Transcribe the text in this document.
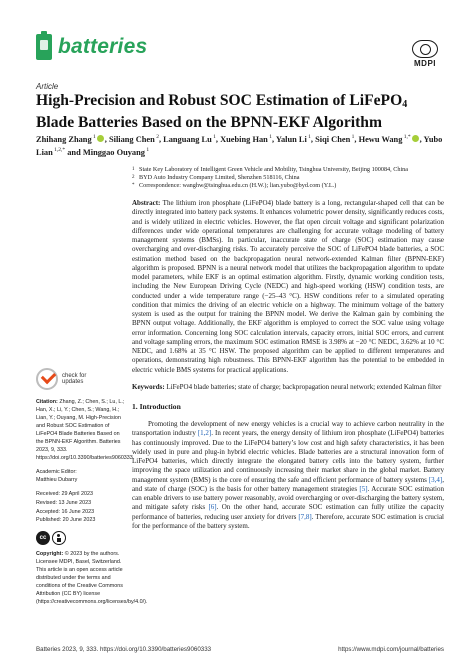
batteries
MDPI
Article
High-Precision and Robust SOC Estimation of LiFePO$_4$ Blade Batteries Based on the BPNN-EKF Algorithm
Zhihang Zhang $^1$ , Siliang Chen $^2$, Languang Lu $^1$, Xuebing Han $^1$, Yalun Li $^1$, Siqi Chen $^1$, Hewu Wang $^{1,*}$ , Yubo Lian $^{1,2,*}$ and Minggao Ouyang $^1$
1 State Key Laboratory of Intelligent Green Vehicle and Mobility, Tsinghua University, Beijing 100084, China
2 BYD Auto Industry Company Limited, Shenzhen 518116, China
* Correspondence: wanghw@tsinghua.edu.cn (H.W.); lian.yubo@byd.com (Y.L.)

Abstract: The lithium iron phosphate (LiFePO4) blade battery is a long, rectangular-shaped cell that can be directly integrated into battery pack systems. It enhances volumetric power density, significantly reduces costs, and is widely utilized in electric vehicles. However, the flat open circuit voltage and significant polarization differences under wide operational temperatures are challenging for accurate voltage modeling of battery management systems (BMSs). In particular, inaccurate state of charge (SOC) estimation may cause overcharging and over-discharging risks. To accurately perceive the SOC of LiFePO4 blade batteries, a SOC estimation method based on the backpropagation neural network-extended Kalman filter (BPNN-EKF) algorithm is proposed. BPNN is a neural network model that utilizes the backpropagation algorithm to update model parameters, while EKF is an optimal estimation algorithm. Firstly, dynamic working condition tests, including the New European Driving Cycle (NEDC) and high-speed working (HSW) condition tests, are conducted under a wide temperature range (−25–43 °C). HSW conditions refer to a simulated operating condition that mimics the driving of an electric vehicle on a highway. The minimum voltage of the battery system is used as the output for training the BPNN model. We derive the Kalman gain by combining the BPNN output voltage. Additionally, the EKF algorithm is employed to correct the SOC value using voltage error information. Concerning long SOC calculation intervals, capacity errors, initial SOC errors, and current and voltage sampling errors, the maximum SOC estimation RMSE is 3.98% at −20 °C NEDC, 3.62% at 10 °C NEDC, and 1.68% at 35 °C HSW. The proposed algorithm can be applied to different temperatures and operations, demonstrating high robustness. This BPNN-EKF algorithm has the potential to be embedded in electric vehicle BMS systems for practical applications.

Keywords: LiFePO4 blade batteries; state of charge; backpropagation neural network; extended Kalman filter

1. Introduction

Promoting the development of new energy vehicles is a crucial way to achieve carbon neutrality in the transportation industry [1,2]. In recent years, the energy density of lithium iron phosphate (LiFePO4) batteries has continuously improved. Due to the LiFePO4 battery’s low cost and high safety characteristics, it has been widely used in pure and plug-in hybrid electric vehicles. Blade batteries are a structural innovation form of LiFePO4 batteries, which directly integrate the elongated battery cells into the battery system, further improving the space utilization and continuously increasing their market share in the global market. Battery management system (BMS) is the core of ensuring the safe and efficient performance of battery systems [3,4], and state of charge (SOC) is the basis for other battery management strategies [5]. Accurate SOC estimation can enable drivers to use battery power reasonably, avoid overcharging or over-discharging the battery system, and mitigate safety risks [6]. On the other hand, accurate SOC estimation can fully utilize the capacity performance of batteries, reducing user anxiety for drivers [7,8]. Therefore, accurate SOC estimation is crucial for the performance of the battery system.

check for
updates

Citation: Zhang, Z.; Chen, S.; Lu, L.; Han, X.; Li, Y.; Chen, S.; Wang, H.; Lian, Y.; Ouyang, M. High-Precision and Robust SOC Estimation of LiFePO4 Blade Batteries Based on the BPNN-EKF Algorithm. Batteries 2023, 9, 333. https://doi.org/10.3390/batteries9060333

Academic Editor:
Matthieu Dubarry

Received: 29 April 2023
Revised: 13 June 2023
Accepted: 16 June 2023
Published: 20 June 2023

cc

Copyright: © 2023 by the authors. Licensee MDPI, Basel, Switzerland. This article is an open access article distributed under the terms and conditions of the Creative Commons Attribution (CC BY) license (https://creativecommons.org/licenses/by/4.0/).

Batteries 2023, 9, 333. https://doi.org/10.3390/batteries9060333	https://www.mdpi.com/journal/batteries
